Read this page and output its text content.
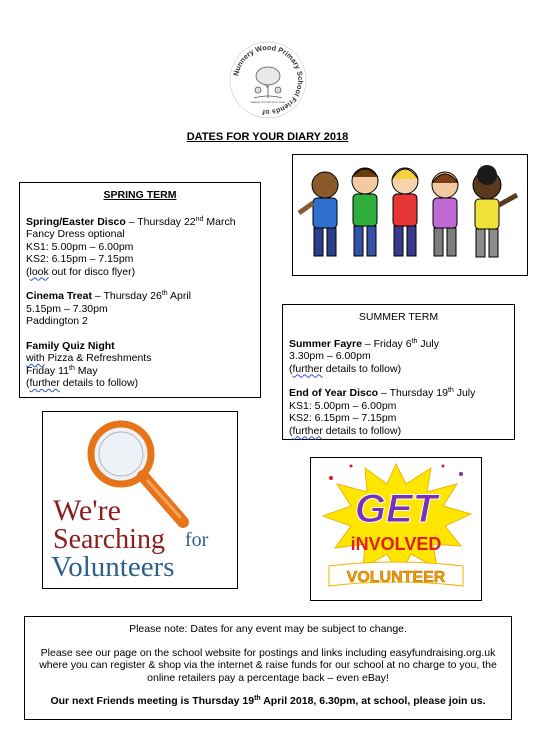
Nunnery Wood Primary School Friends of
Helping Our School to Grow
DATES FOR YOUR DIARY 2018

SPRING TERM

Spring/Easter Disco – Thursday 22nd March

Fancy Dress optional

KS1: 5.00pm – 6.00pm

KS2: 6.15pm – 7.15pm

(look out for disco flyer)

Cinema Treat – Thursday 26th April

5.15pm – 7.30pm

Paddington 2

Family Quiz Night

with Pizza & Refreshments

Friday 11th May

(further details to follow)

SUMMER TERM

Summer Fayre – Friday 6th July

3.30pm – 6.00pm

(further details to follow)

End of Year Disco – Thursday 19th July

KS1: 5.00pm – 6.00pm

KS2: 6.15pm – 7.15pm

(further details to follow)

We're
Searching for
Volunteers
GET
iNVOLVED
VOLUNTEER

Please note: Dates for any event may be subject to change.

Please see our page on the school website for postings and links including easyfundraising.org.uk where you can register & shop via the internet & raise funds for our school at no charge to you, the online retailers pay a percentage back – even eBay!

Our next Friends meeting is Thursday 19th April 2018, 6.30pm, at school, please join us.
